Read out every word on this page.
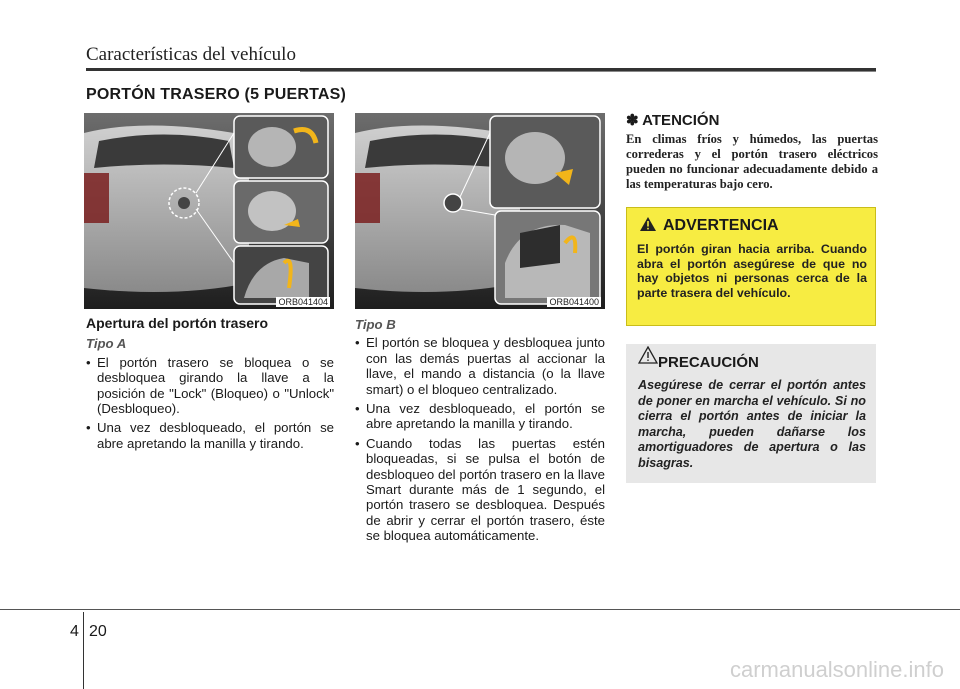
Características del vehículo
PORTÓN TRASERO (5 PUERTAS)
ORB041404	ORB041400
Apertura del portón trasero
Tipo A
• El portón trasero se bloquea o se desbloquea girando la llave a la posición de "Lock" (Bloqueo) o "Unlock" (Desbloqueo).
• Una vez desbloqueado, el portón se abre apretando la manilla y tirando.
Tipo B
• El portón se bloquea y desbloquea junto con las demás puertas al accionar la llave, el mando a distancia (o la llave smart) o el bloqueo centralizado.
• Una vez desbloqueado, el portón se abre apretando la manilla y tirando.
• Cuando todas las puertas estén bloqueadas, si se pulsa el botón de desbloqueo del portón trasero en la llave Smart durante más de 1 segundo, el portón trasero se desbloquea. Después de abrir y cerrar el portón trasero, éste se bloquea automáticamente.
✽ ATENCIÓN
En climas fríos y húmedos, las puertas correderas y el portón trasero eléctricos pueden no funcionar adecuadamente debido a las temperaturas bajo cero.
ADVERTENCIA
El portón giran hacia arriba. Cuando abra el portón asegúrese de que no hay objetos ni personas cerca de la parte trasera del vehículo.
PRECAUCIÓN
Asegúrese de cerrar el portón antes de poner en marcha el vehículo. Si no cierra el portón antes de iniciar la marcha, pueden dañarse los amortiguadores de apertura o las bisagras.
4 20
carmanualsonline.info
